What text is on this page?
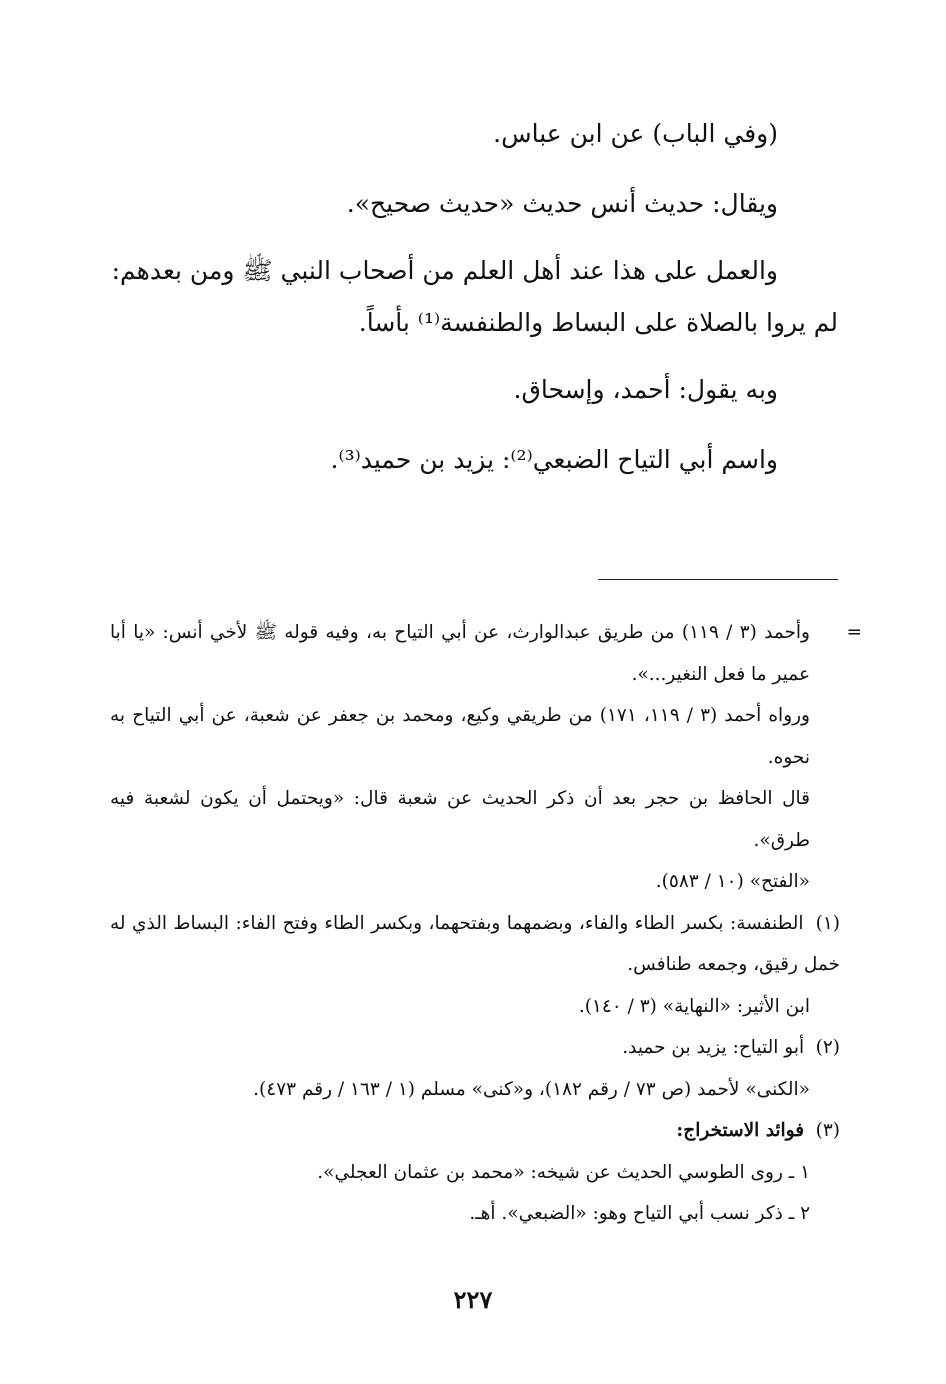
(وفي الباب) عن ابن عباس.

ويقال: حديث أنس حديث «حديث صحيح».

والعمل على هذا عند أهل العلم من أصحاب النبي ﷺ ومن بعدهم: لم يروا بالصلاة على البساط والطنفسة⁽¹⁾ بأساً.

وبه يقول: أحمد، وإسحاق.

واسم أبي التياح الضبعي⁽²⁾: يزيد بن حميد⁽³⁾.

=

وأحمد (٣ / ١١٩) من طريق عبدالوارث، عن أبي التياح به، وفيه قوله ﷺ لأخي أنس: «يا أبا عمير ما فعل النغير...».

ورواه أحمد (٣ / ١١٩، ١٧١) من طريقي وكيع، ومحمد بن جعفر عن شعبة، عن أبي التياح به نحوه.

قال الحافظ بن حجر بعد أن ذكر الحديث عن شعبة قال: «ويحتمل أن يكون لشعبة فيه طرق».

«الفتح» (١٠ / ٥٨٣).

(١) الطنفسة: بكسر الطاء والفاء، وبضمهما وبفتحهما، وبكسر الطاء وفتح الفاء: البساط الذي له خمل رقيق، وجمعه طنافس.

ابن الأثير: «النهاية» (٣ / ١٤٠).

(٢) أبو التياح: يزيد بن حميد.

«الكنى» لأحمد (ص ٧٣ / رقم ١٨٢)، و«كنى» مسلم (١ / ١٦٣ / رقم ٤٧٣).

(٣) فوائد الاستخراج:

١ ـ روى الطوسي الحديث عن شيخه: «محمد بن عثمان العجلي».

٢ ـ ذكر نسب أبي التياح وهو: «الضبعي». أهـ.

٢٢٧
